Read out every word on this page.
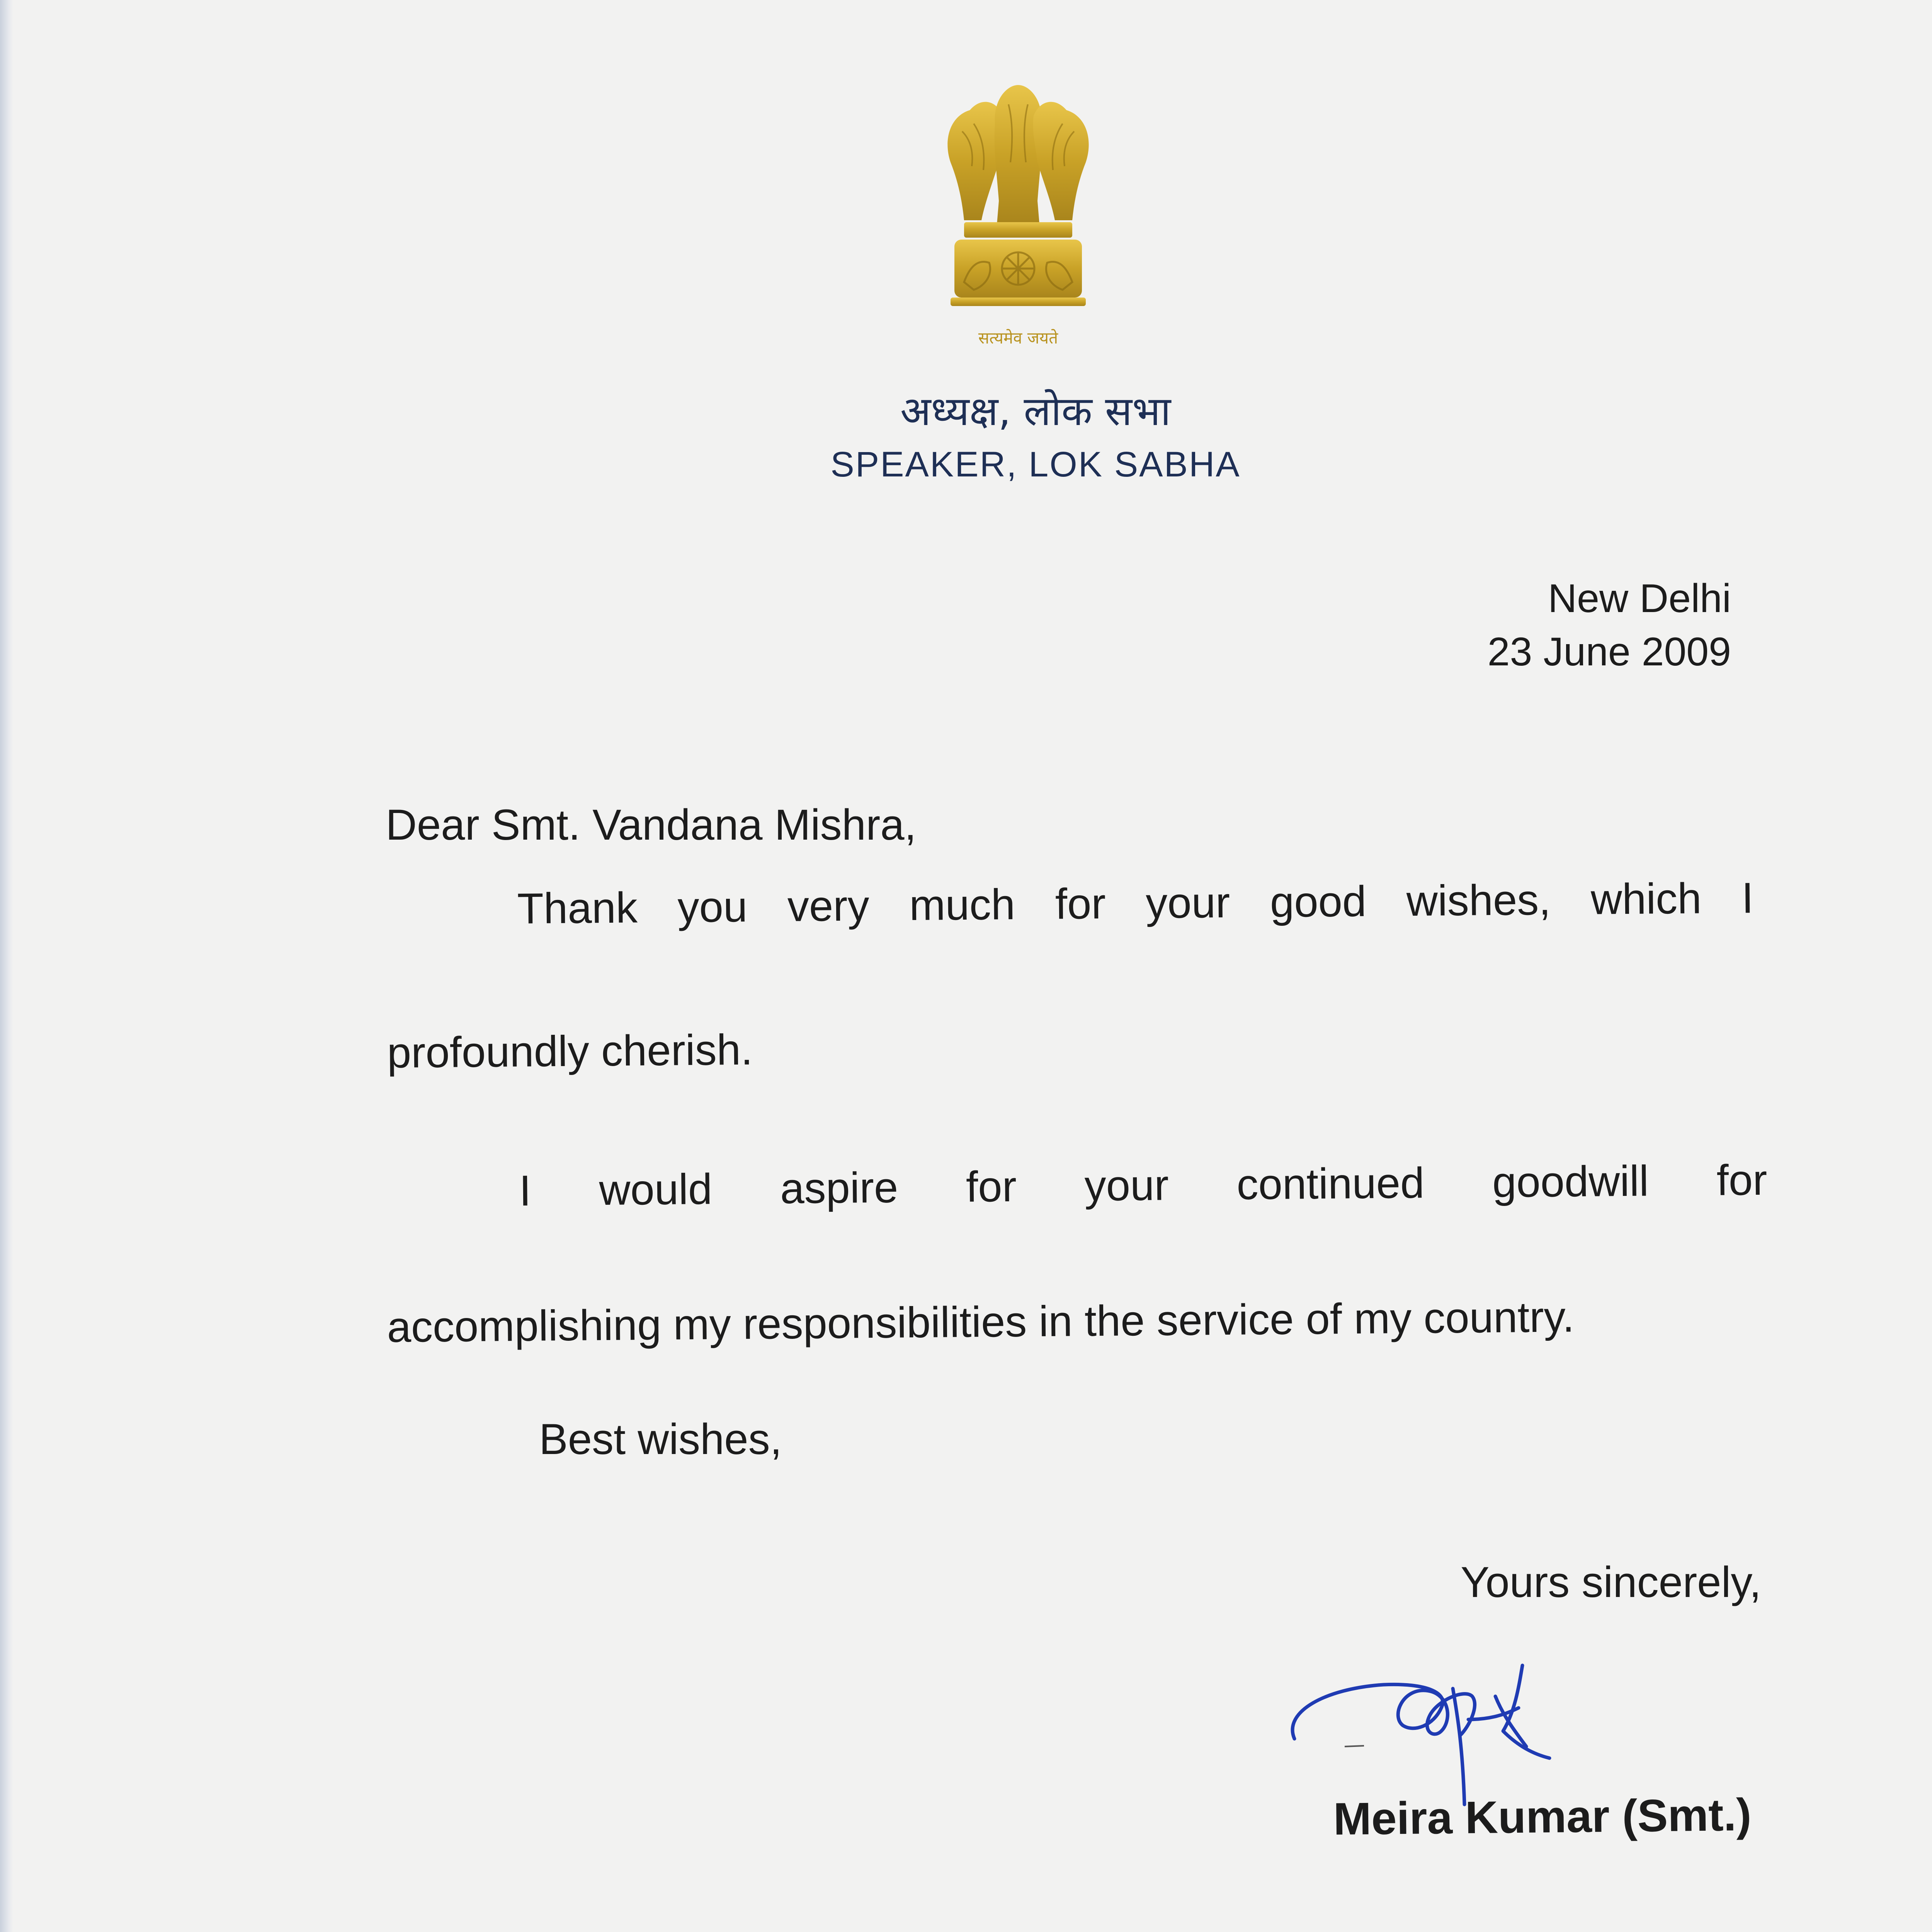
सत्यमेव जयते
अध्यक्ष, लोक सभा
SPEAKER, LOK SABHA
New Delhi
23 June 2009
Dear Smt. Vandana Mishra,
Thank you very much for your good wishes, which I
profoundly cherish.
I would aspire for your continued goodwill for
accomplishing my responsibilities in the service of my country.
Best wishes,
Yours sincerely,
Meira Kumar (Smt.)
